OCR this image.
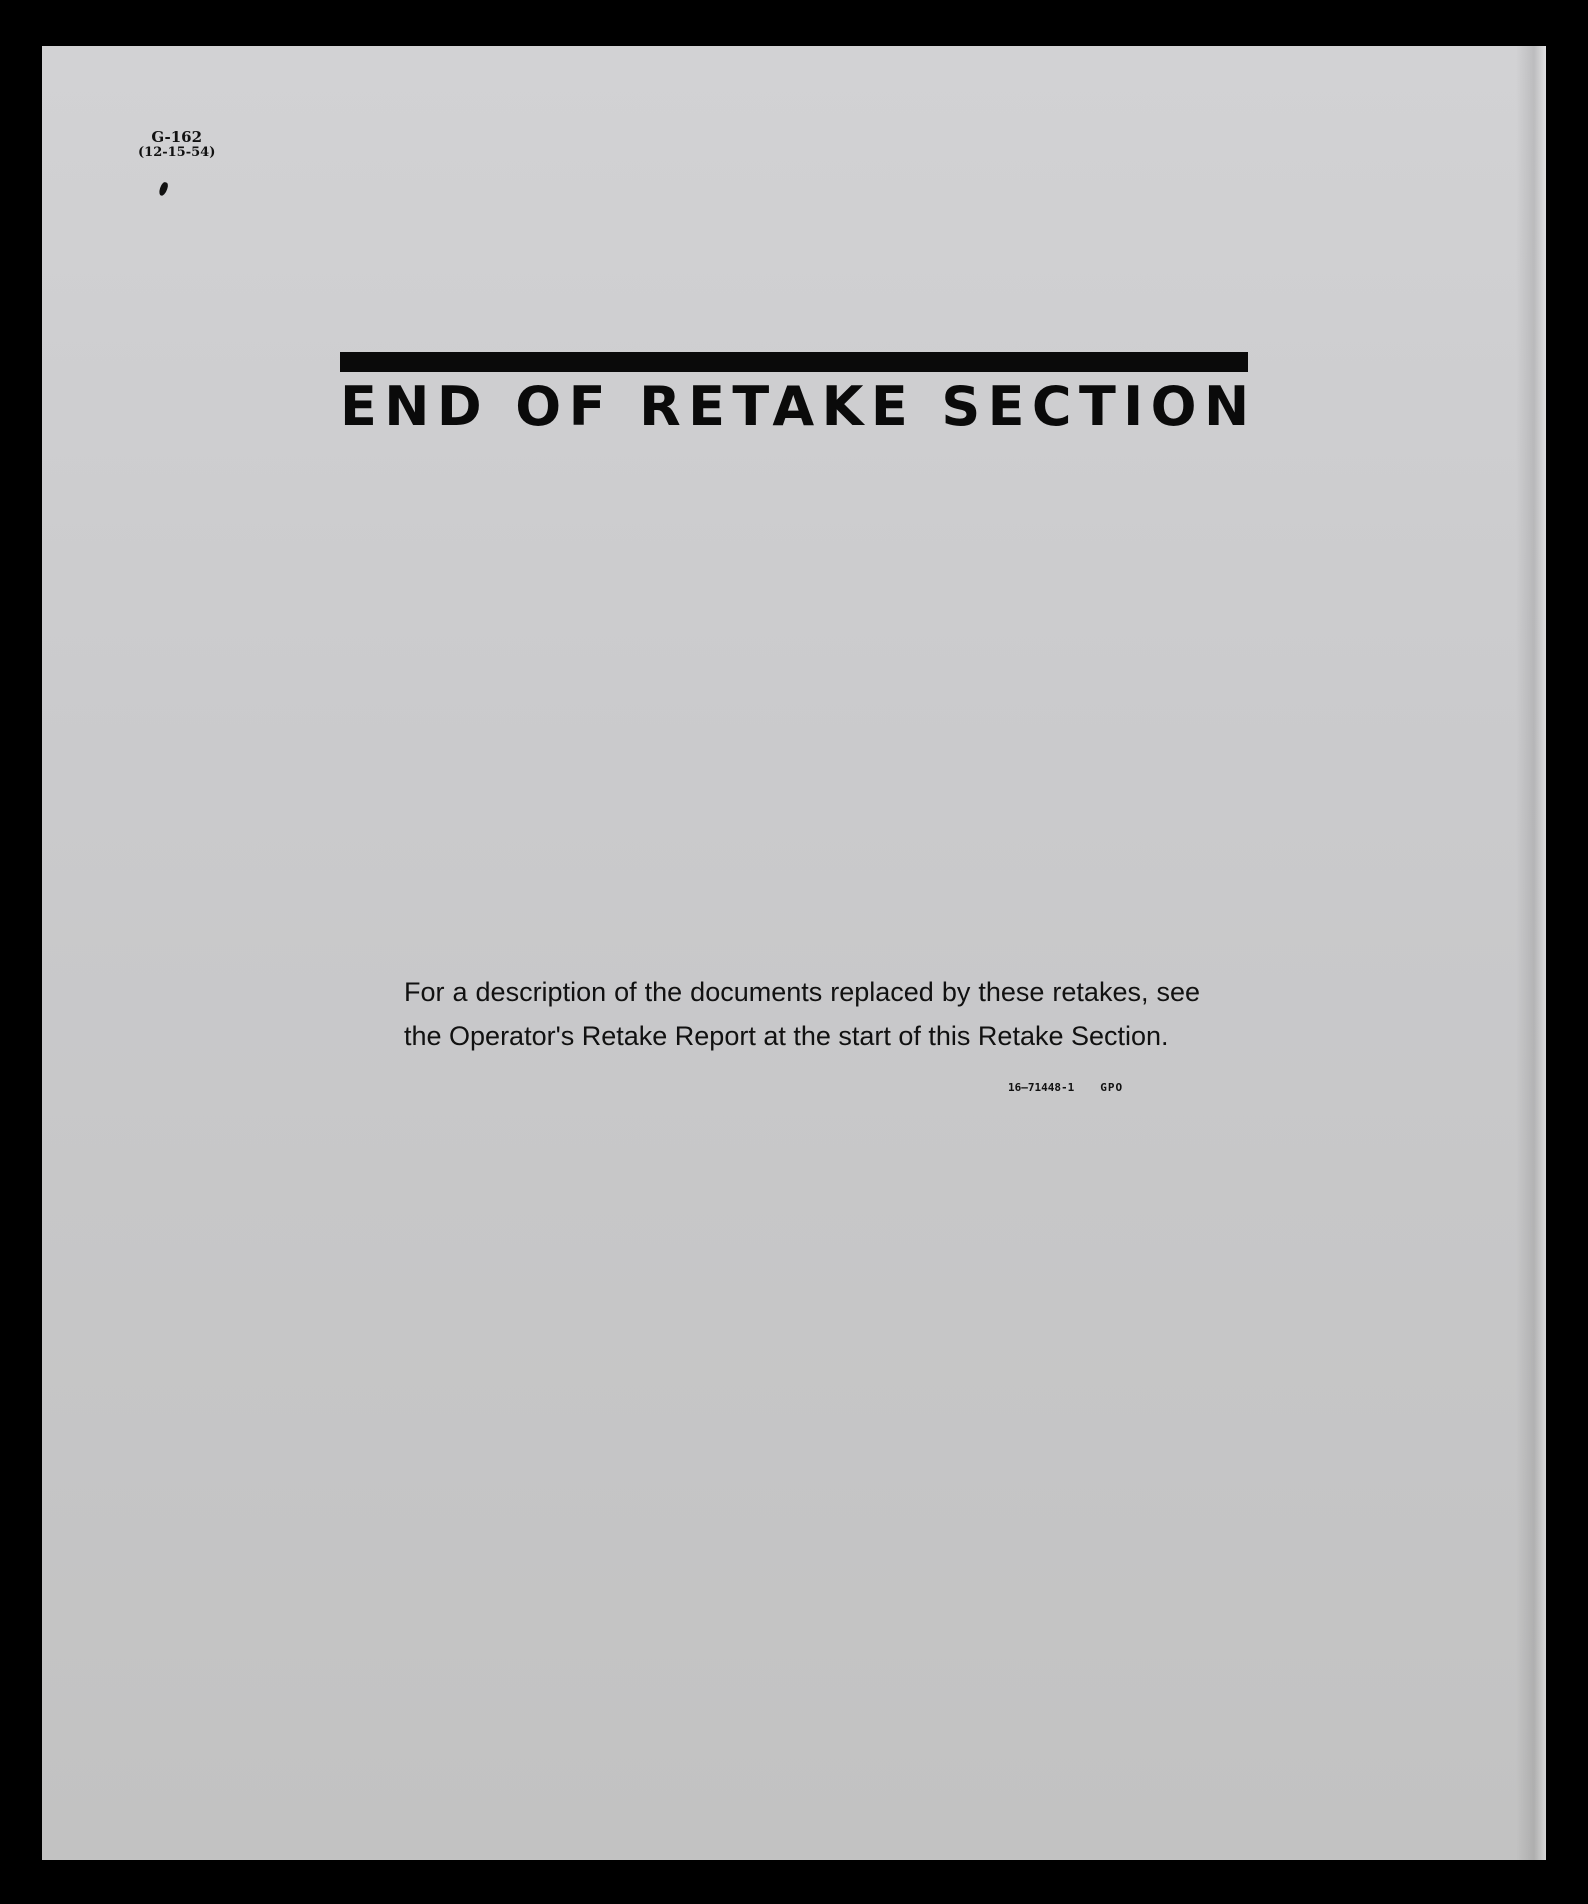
G-162
(12-15-54)
END OF RETAKE SECTION
For a description of the documents replaced by these retakes, see the Operator's Retake Report at the start of this Retake Section.
16—71448-1 GPO
